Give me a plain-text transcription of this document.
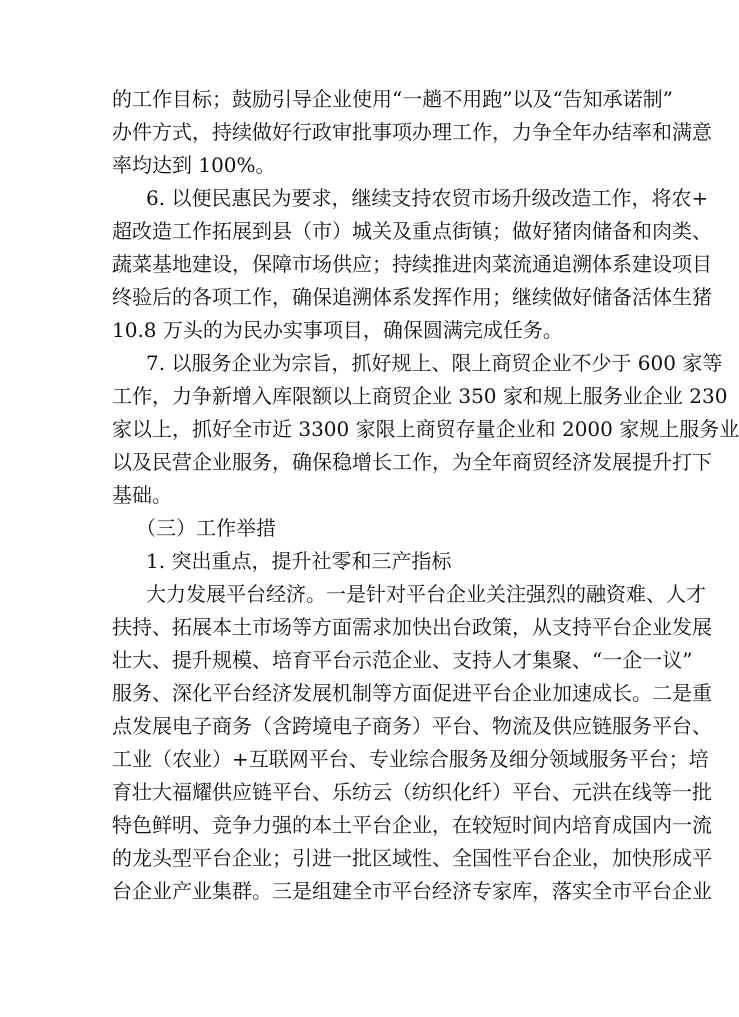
的工作目标；鼓励引导企业使用“一趟不用跑”以及“告知承诺制”
办件方式，持续做好行政审批事项办理工作，力争全年办结率和满意
率均达到 100%。
6. 以便民惠民为要求，继续支持农贸市场升级改造工作，将农+
超改造工作拓展到县（市）城关及重点街镇；做好猪肉储备和肉类、
蔬菜基地建设，保障市场供应；持续推进肉菜流通追溯体系建设项目
终验后的各项工作，确保追溯体系发挥作用；继续做好储备活体生猪
10.8 万头的为民办实事项目，确保圆满完成任务。
7. 以服务企业为宗旨，抓好规上、限上商贸企业不少于 600 家等
工作，力争新增入库限额以上商贸企业 350 家和规上服务业企业 230
家以上，抓好全市近 3300 家限上商贸存量企业和 2000 家规上服务业
以及民营企业服务，确保稳增长工作，为全年商贸经济发展提升打下
基础。
（三）工作举措
1. 突出重点，提升社零和三产指标
大力发展平台经济。一是针对平台企业关注强烈的融资难、人才
扶持、拓展本土市场等方面需求加快出台政策，从支持平台企业发展
壮大、提升规模、培育平台示范企业、支持人才集聚、“一企一议”
服务、深化平台经济发展机制等方面促进平台企业加速成长。二是重
点发展电子商务（含跨境电子商务）平台、物流及供应链服务平台、
工业（农业）+互联网平台、专业综合服务及细分领域服务平台；培
育壮大福耀供应链平台、乐纺云（纺织化纤）平台、元洪在线等一批
特色鲜明、竞争力强的本土平台企业，在较短时间内培育成国内一流
的龙头型平台企业；引进一批区域性、全国性平台企业，加快形成平
台企业产业集群。三是组建全市平台经济专家库，落实全市平台企业
